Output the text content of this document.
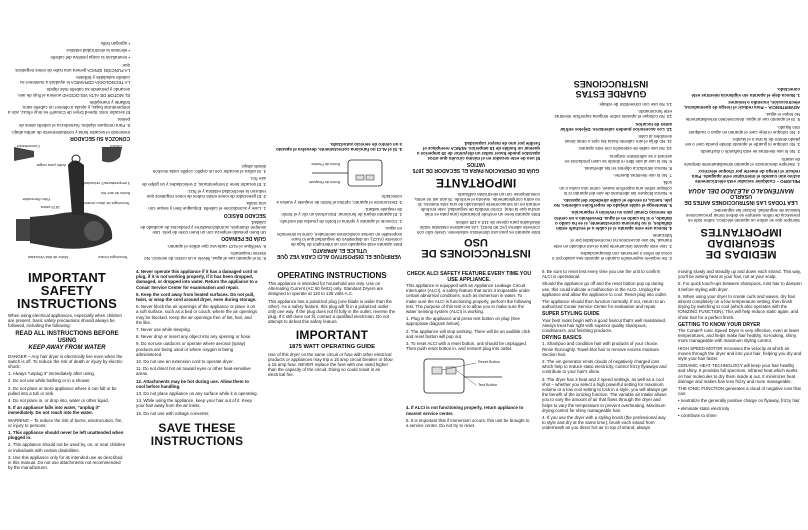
MEDIDAS DE SEGURIDAD IMPORTANTES

Siempre que se utilice un aparato eléctrico, sobre todo en presencia de niños, siempre se deben tomar precauciones básicas de seguridad, incluso las siguientes:

LEA TODAS LAS INSTRUCCIONES ANTES DE USARLO
MANTÉNGALO ALEJADO DEL AGUA

PELIGRO – Cualquier secador está eléctricamente activo aún cuando el interruptor esté apagado. Para reducir el riesgo de muerte por choque eléctrico:

1. Siempre desconecte el aparato inmediatamente después de usarlo.

2. No lo use mientras se está bañando o duchando.

3. No coloque ni guarde el aparato donde pueda caer o ser jalado dentro de la tina o el lavabo.

4. No coloque ni deje caer el aparato en agua o cualquier otro líquido.

5. Si el aparato cae al agua, desconéctelo inmediatamente. No toque el agua.

ADVERTENCIA – Para reducir el riesgo de quemaduras, electrocución, incendio o lesiones

1. Nunca deje el aparato sin vigilancia mientras esté conectado.

2. Se requiere supervisión cuando el aparato sea usado por o cerca de niños o personas con discapacidades.

3. Use este aparato únicamente para el uso indicado en este manual. No use accesorios no recomendados por el fabricante.

4. Nunca use este aparato si el cable o el enchufe están dañados, si no funciona correctamente, si se ha caído o dañado, o si ha caído en el agua. Devuélvalo a un centro de servicio Conair para su revisión y reparación.

5. Mantenga el cable alejado de superficies calientes. No jale, tuerza, ni enrolle el cable alrededor del aparato.

6. Nunca bloquee las aberturas de aire del aparato ni lo coloque sobre una superficie suave, como una cama o un sofá.

7. No lo use mientras duerme.

8. Nunca introduzca objetos en las aberturas.

9. No lo use al aire libre ni donde se usen productos en aerosol o se administre oxígeno.

10. No use cable de extensión con este aparato.

11. No dirija el aire caliente hacia los ojos u otras áreas sensibles al calor.

12. Los accesorios pueden calentarse. Déjelos enfriar antes de tocarlos.

13. No coloque el aparato sobre ninguna superficie mientras esté funcionando.

14. No use con convertidor de voltaje.

GUARDE ESTAS INSTRUCCIONES
INSTRUCCIONES DE USO

Este aparato es para uso doméstico solamente. Úselo sólo con corriente alterna (AC 60 hertz). Los secadores estándar están diseñados para operar de 110 a 125 voltios.

Este aparato tiene un enchufe polarizado (una pata es más ancha que la otra). Como medida de seguridad, este enchufe entrará en un tomacorriente polarizado de una sola manera. Si no entra completamente, invierta el enchufe. Si aún así no entra, comuníquese con un electricista calificado.

IMPORTANTE
GUÍA DE OPERACIÓN PARA EL SECADOR DE 1875 VATIOS

El uso de este secador en el mismo circuito que otros aparatos puede hacer saltar un disyuntor de 15 amperios o quemar un fusible de 15 amperios. NUNCA reemplace el fusible por uno de mayor capacidad.

VERIFIQUE EL DISPOSITIVO ALCI CADA VEZ QUE UTILICE EL APARATO.

Este aparato está equipado con un interruptor de fuga de corriente (ALCI), un dispositivo de seguridad que lo hace inoperable en ciertas condiciones anormales, como la inmersión en agua.

1. Conecte el aparato y oprima el botón de prueba del enchufe.

2. El aparato dejará de funcionar. Escuchará un clic y el botón de reajuste saltará.

3. Desconecte el aparato, oprima el botón de reajuste y vuelva a conectarlo.

Botón de Reajuste
Botón de Prueba

4. Si el ALCI no funciona correctamente, devuelva el aparato a un centro de servicio autorizado.

5. Si el aparato cae al agua, llévelo a un centro de servicio. No intente reajustarlo.

6. Verifique el ALCI cada vez que utilice el aparato.

GUÍA DE PEINADO

Un buen peinado empieza con un buen corte de pelo. Use siempre champús, acondicionadores y productos de acabado de calidad.

SECADO BÁSICO

1. Lave y acondicione el cabello. Enjuague bien y seque con una toalla.

2. El generador de iones emite nubes de iones negativos que reducen la electricidad estática y el frizz.

3. El secador tiene 3 temperaturas, 2 velocidades y un golpe de aire frío.

4. Si utiliza el secador con un cepillo, cepille cada mechón desde abajo.

Tecnología Iónica
Motor de Alta Velocidad
1875 vatios
Filtro Removible
Tecnología de disco cerámico
Botón de aire frío
3 temperaturas/2 velocidades
Anillo para colgar
Difusor
Concentrador
CONOZCA SU SECADOR

moviendo el secador lenta y constantemente de arriba abajo.

5. Para retoques rápidos, humedezca el cabello antes de peinar.

El secador Ionic Speed Dryer de Conair® es muy eficaz, aún a temperaturas bajas, y ayuda a obtener un cabello sano, brillante y manejable.

EL MOTOR DE ALTA VELOCIDAD acelera el flujo de aire, secando y peinando su cabello más rápido.

LA TECNOLOGÍA CERÁMICA le ayudará a mantener su cabello saludable y brillante.

LA FUNCIÓN IÓNICA genera una nube de iones negativos que:

• neutralizan la carga positiva del cabello

• eliminan la electricidad estática

• agregan brillo

IMPORTANT SAFETY INSTRUCTIONS

When using electrical appliances, especially when children are present, basic safety precautions should always be followed, including the following:

READ ALL INSTRUCTIONS BEFORE USING
KEEP AWAY FROM WATER

DANGER – Any hair dryer is electrically live even when the switch is off. To reduce the risk of death or injury by electric shock:

1. Always "unplug it" immediately after using.

2. Do not use while bathing or in a shower.

3. Do not place or store appliance where it can fall or be pulled into a tub or sink.

4. Do not place in, or drop into, water or other liquid.

5. If an appliance falls into water, "unplug it" immediately. Do not reach into the water.

WARNING – To reduce the risk of burns, electrocution, fire, or injury to persons:

1. This appliance should never be left unattended when plugged in.

2. This appliance should not be used by, on, or near children or individuals with certain disabilities.

3. Use this appliance only for its intended use as described in this manual. Do not use attachments not recommended by the manufacturer.

4. Never operate this appliance if it has a damaged cord or plug, if it is not working properly, if it has been dropped, damaged, or dropped into water. Return the appliance to a Conair Service Center for examination and repair.

5. Keep the cord away from heated surfaces. Do not pull, twist, or wrap the cord around dryer, even during storage.

6. Never block the air openings of the appliance or place it on a soft surface, such as a bed or couch, where the air openings may be blocked. Keep the air openings free of lint, hair, and the like.

7. Never use while sleeping.

8. Never drop or insert any object into any opening or hose.

9. Do not use outdoors or operate where aerosol (spray) products are being used or where oxygen is being administered.

10. Do not use an extension cord to operate dryer.

11. Do not direct hot air toward eyes or other heat-sensitive areas.

12. Attachments may be hot during use. Allow them to cool before handling.

13. Do not place appliance on any surface while it is operating.

14. While using the appliance, keep your hair out of it. Keep your hair away from the air inlets.

15. Do not use with voltage converter.

SAVE THESE INSTRUCTIONS
OPERATING INSTRUCTIONS

This appliance is intended for household use only. Use on Alternating Current (AC 60 hertz) only. Standard Dryers are designed to operate at 110 to 125 volts A.C.

This appliance has a polarized plug (one blade is wider than the other). As a safety feature, this plug will fit in a polarized outlet only one way. If the plug does not fit fully in the outlet, reverse the plug. If it still does not fit, contact a qualified electrician. Do not attempt to defeat this safety feature.

IMPORTANT
1875 WATT OPERATING GUIDE

Use of this dryer on the same circuit or fuse with other electrical products or appliances may trip a 15 amp circuit breaker or blow a 15 amp fuse. NEVER replace the fuse with one rated higher than the capacity of the circuit. Doing so could result in an electrical fire.

CHECK ALCI SAFETY FEATURE EVERY TIME YOU USE APPLIANCE.

This appliance is equipped with an Appliance Leakage Circuit Interrupter (ALCI), a safety feature that turns it inoperable under certain abnormal conditions, such as immersion in water. To make sure the ALCI is functioning properly, perform the following test. The purpose of this test is to allow you to make sure the water sensing system (ALCI) is working.

1. Plug in the appliance and press test button on plug (See appropriate diagram below).

2. The appliance will stop working. There will be an audible click and reset button will pop out.

3. To reset ALCI with a reset button, unit should be unplugged. Then push reset button in, and reinsert plug into outlet.

Reset Button
Test Button

4. If ALCI is not functioning properly, return appliance to nearest service center.

5. It is important that if immersion occurs, this unit be brought to a service center. Do not try to reset.

6. Be sure to reset test every time you use the unit to confirm ALCI is operational.

Should the appliance go off and the reset button pop up during use, this could indicate a malfunction in the ALCI. Unplug the appliance and allow the appliance to cool. Reset plug into outlet.

The appliance should then function normally. If not, return to an authorized Conair Service Center for evaluation and repair.

SUPER STYLING GUIDE

Your best looks begin with a good haircut that's well maintained. Always treat hair right with superior quality shampoos, conditioners, and finishing products.

DRYING BASICS

1. Shampoo and condition hair with products of your choice. Rinse thoroughly. Towel-blot hair to remove excess moisture. Section hair.

2. The ion generator emits clouds of negatively charged ions which help to reduce static electricity, control frizzy flyaways and contribute to your hair's shine.

3. The dryer has 3 heat and 2 speed settings, as well as a cool shot – whether you select a high powerful setting for maximum volume or a low cool setting to lock in a style, you will always get the benefit of the ionizing function. The variable air intake allows you to vary the amount of air that flows through the dryer and helps to vary the temperature to prevent overheating. Maximum drying control for shiny manageable hair.

4. If you use the dryer with a styling brush (the professional way to style and dry at the same time), brush each strand from underneath as you direct hot air to top of strand, always

moving slowly and steadily up and down each strand. This way, you'll be aiming heat at your hair, not at your scalp.

5. For quick touch-ups between shampoos, mist hair to dampen it before styling with dryer.

6. When using your dryer to create curls and waves, dry hair almost completely on a low temperature setting, then finish drying by switching to cool (which also operates with the IONIZING FUNCTION). This will help reduce static again, and shine hair for a perfect finish.

GETTING TO KNOW YOUR DRYER

The Conair® Ionic Speed Dryer is very effective, even at lower temperatures, and helps make hair healthy, so-looking, shiny, more manageable with maximum styling control.

HIGH SPEED MOTOR Increases the velocity at which air moves through the dryer and into your hair, helping you dry and style your hair faster.

CERAMIC HEAT TECHNOLOGY will keep your hair healthy and shiny. It provides full spectrum, infrared heat which works on hair molecules to dry them inside & out. It minimizes heat damage and makes hair less frizzy and more manageable.

THE IONIC FUNCTION generates a cloud of negative ions that can:

• neutralize the generally positive charge on flyaway, frizzy hair

• eliminate static electricity

• contribute to shine
